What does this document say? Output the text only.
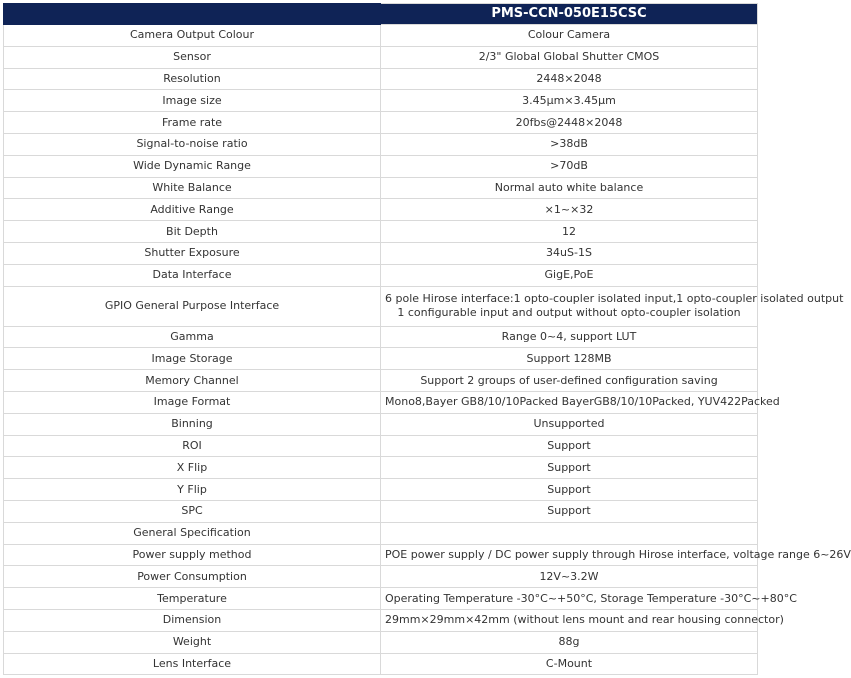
	PMS-CCN-050E15CSC
Camera Output Colour	Colour Camera
Sensor	2/3" Global Global Shutter CMOS
Resolution	2448×2048
Image size	3.45μm×3.45μm
Frame rate	20fbs@2448×2048
Signal-to-noise ratio	>38dB
Wide Dynamic Range	>70dB
White Balance	Normal auto white balance
Additive Range	×1~×32
Bit Depth	12
Shutter Exposure	34uS-1S
Data Interface	GigE,PoE
GPIO General Purpose Interface	6 pole Hirose interface:1 opto-coupler isolated input,1 opto-coupler isolated output
1 configurable input and output without opto-coupler isolation

Gamma	Range 0~4, support LUT
Image Storage	Support 128MB
Memory Channel	Support 2 groups of user-defined configuration saving
Image Format	Mono8,Bayer GB8/10/10Packed BayerGB8/10/10Packed, YUV422Packed
Binning	Unsupported
ROI	Support
X Flip	Support
Y Flip	Support
SPC	Support
General Specification	
Power supply method	POE power supply / DC power supply through Hirose interface, voltage range 6~26V
Power Consumption	12V~3.2W
Temperature	Operating Temperature -30°C~+50°C, Storage Temperature -30°C~+80°C
Dimension	29mm×29mm×42mm (without lens mount and rear housing connector)
Weight	88g
Lens Interface	C-Mount
